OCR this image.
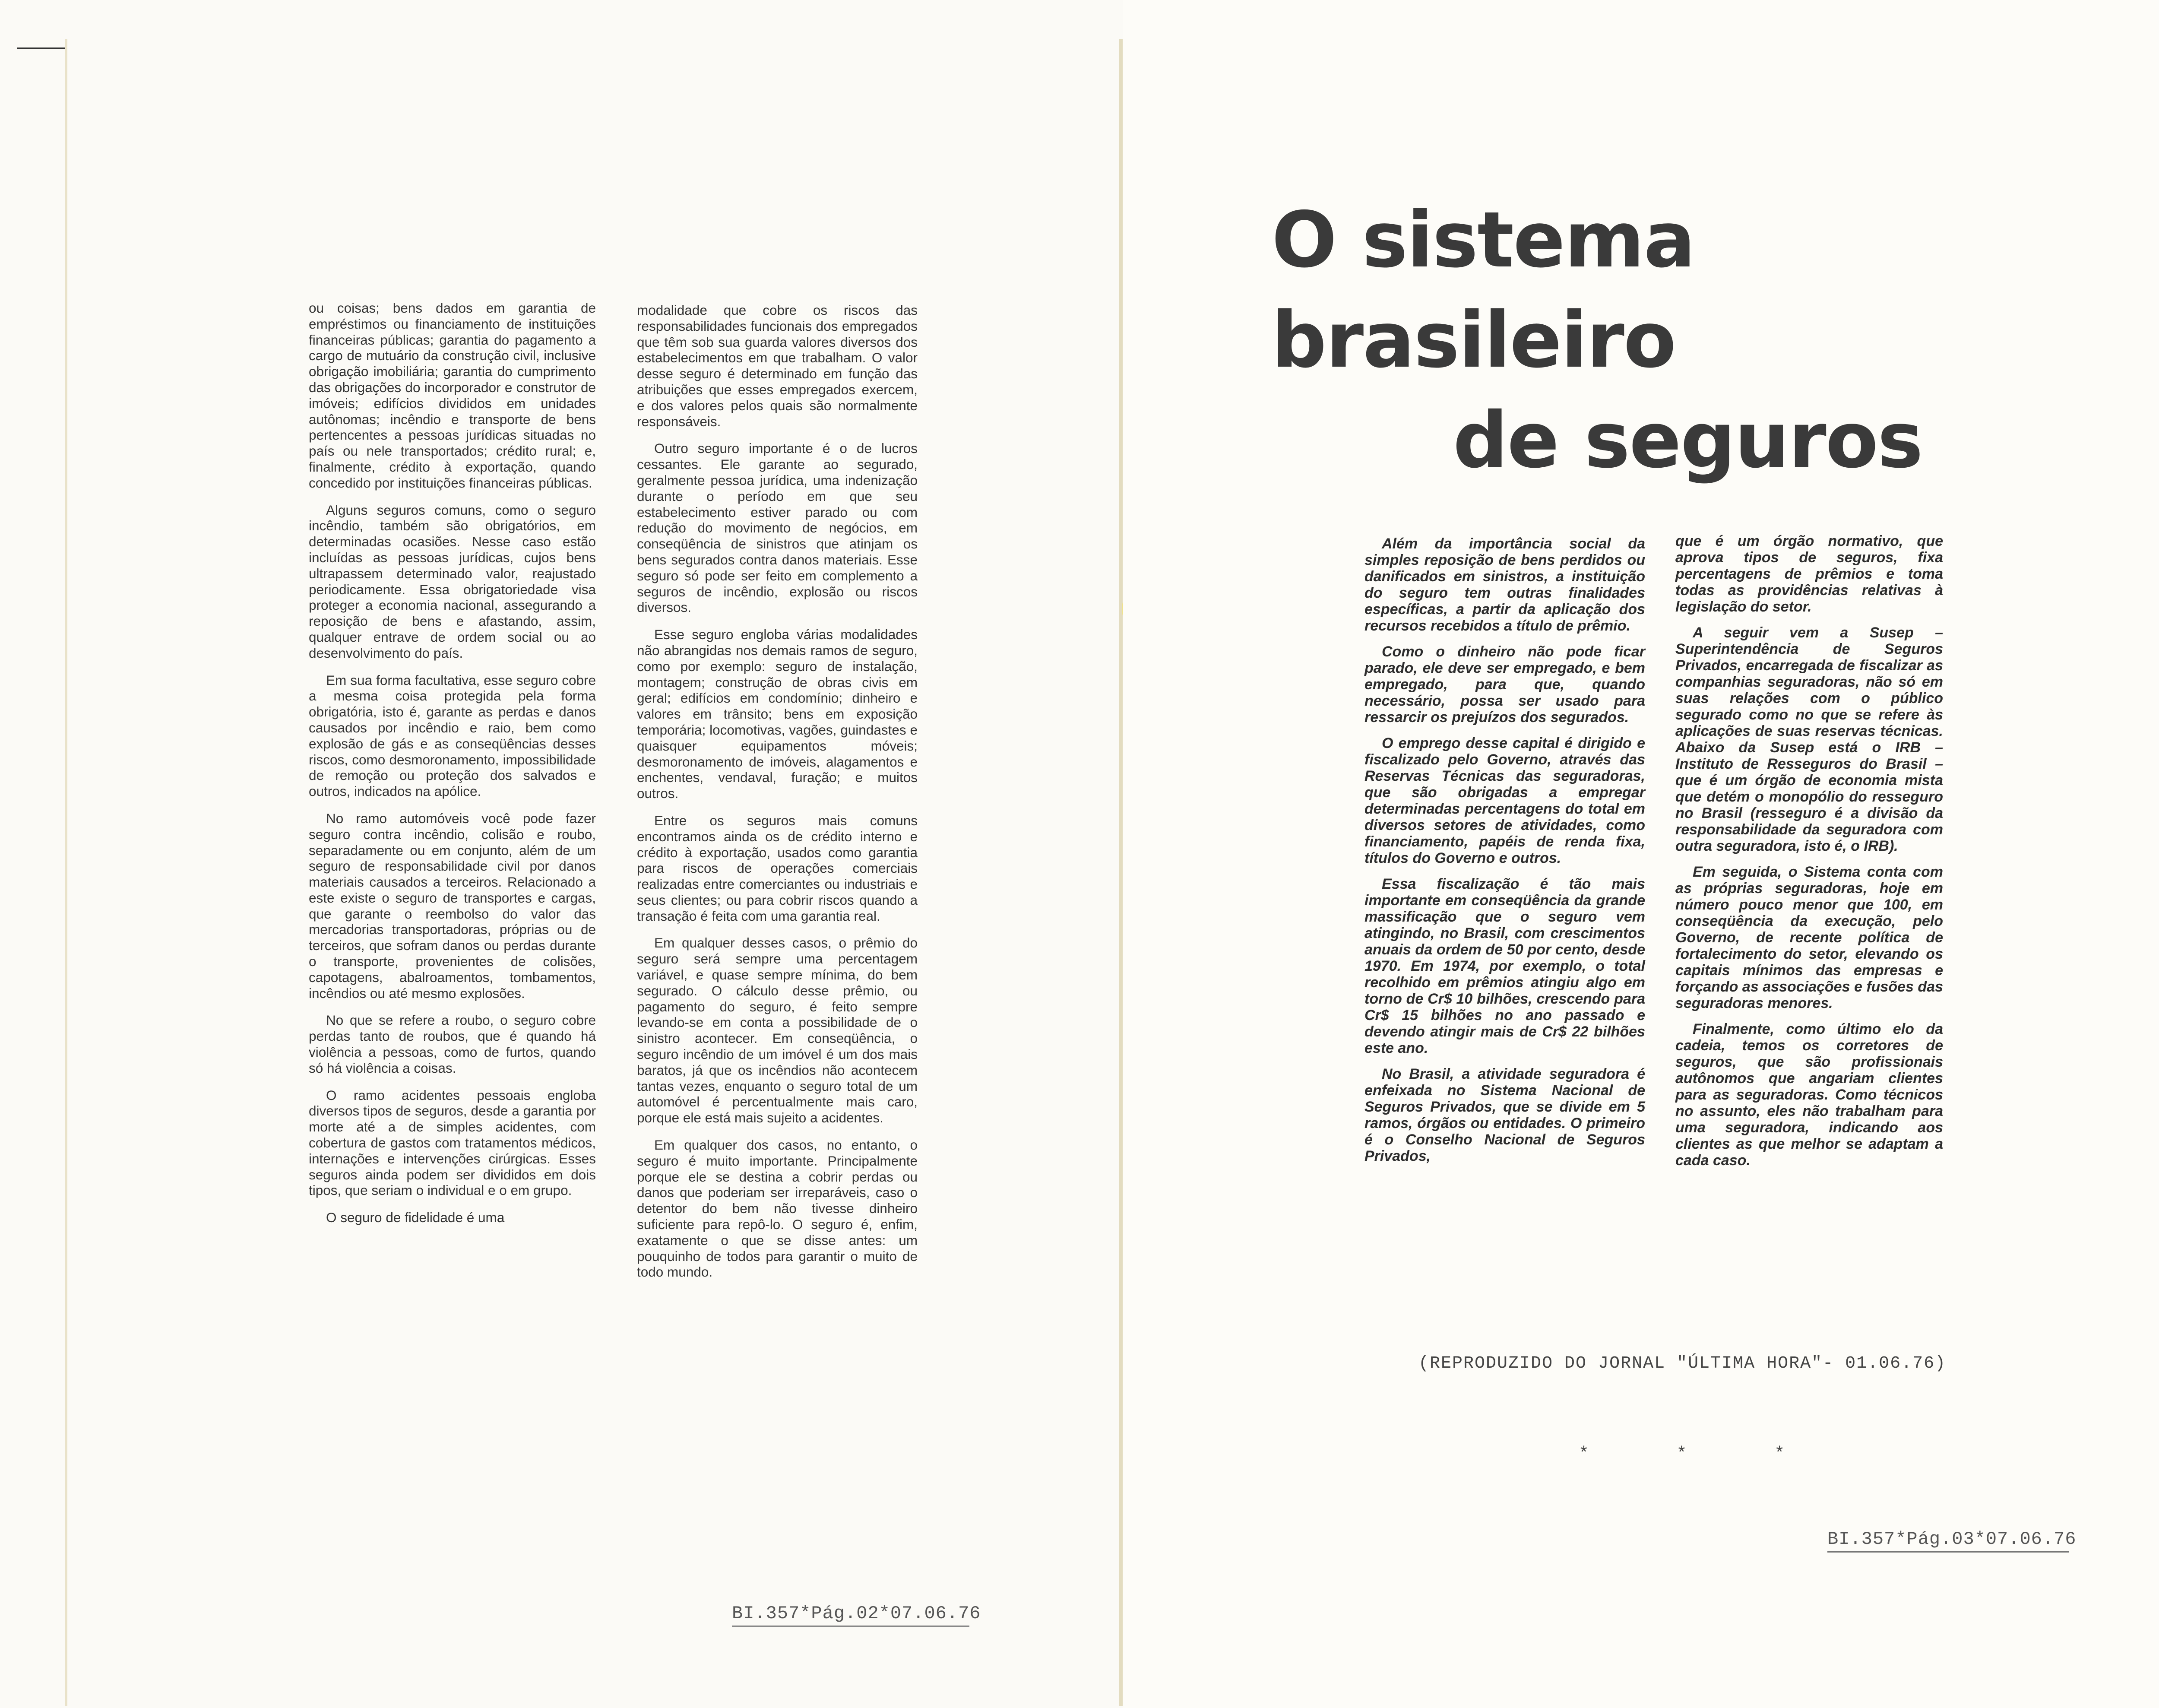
ou coisas; bens dados em garantia de empréstimos ou financiamento de instituições financeiras públicas; garantia do pagamento a cargo de mutuário da construção civil, inclusive obrigação imobiliária; garantia do cumprimento das obrigações do incorporador e construtor de imóveis; edifícios divididos em unidades autônomas; incêndio e transporte de bens pertencentes a pessoas jurídicas situadas no país ou nele transportados; crédito rural; e, finalmente, crédito à exportação, quando concedido por instituições financeiras públicas.

Alguns seguros comuns, como o seguro incêndio, também são obrigatórios, em determinadas ocasiões. Nesse caso estão incluídas as pessoas jurídicas, cujos bens ultrapassem determinado valor, reajustado periodicamente. Essa obrigatoriedade visa proteger a economia nacional, assegurando a reposição de bens e afastando, assim, qualquer entrave de ordem social ou ao desenvolvimento do país.

Em sua forma facultativa, esse seguro cobre a mesma coisa protegida pela forma obrigatória, isto é, garante as perdas e danos causados por incêndio e raio, bem como explosão de gás e as conseqüências desses riscos, como desmoronamento, impossibilidade de remoção ou proteção dos salvados e outros, indicados na apólice.

No ramo automóveis você pode fazer seguro contra incêndio, colisão e roubo, separadamente ou em conjunto, além de um seguro de responsabilidade civil por danos materiais causados a terceiros. Relacionado a este existe o seguro de transportes e cargas, que garante o reembolso do valor das mercadorias transportadoras, próprias ou de terceiros, que sofram danos ou perdas durante o transporte, provenientes de colisões, capotagens, abalroamentos, tombamentos, incêndios ou até mesmo explosões.

No que se refere a roubo, o seguro cobre perdas tanto de roubos, que é quando há violência a pessoas, como de furtos, quando só há violência a coisas.

O ramo acidentes pessoais engloba diversos tipos de seguros, desde a garantia por morte até a de simples acidentes, com cobertura de gastos com tratamentos médicos, internações e intervenções cirúrgicas. Esses seguros ainda podem ser divididos em dois tipos, que seriam o individual e o em grupo.

O seguro de fidelidade é uma

modalidade que cobre os riscos das responsabilidades funcionais dos empregados que têm sob sua guarda valores diversos dos estabelecimentos em que trabalham. O valor desse seguro é determinado em função das atribuições que esses empregados exercem, e dos valores pelos quais são normalmente responsáveis.

Outro seguro importante é o de lucros cessantes. Ele garante ao segurado, geralmente pessoa jurídica, uma indenização durante o período em que seu estabelecimento estiver parado ou com redução do movimento de negócios, em conseqüência de sinistros que atinjam os bens segurados contra danos materiais. Esse seguro só pode ser feito em complemento a seguros de incêndio, explosão ou riscos diversos.

Esse seguro engloba várias modalidades não abrangidas nos demais ramos de seguro, como por exemplo: seguro de instalação, montagem; construção de obras civis em geral; edifícios em condomínio; dinheiro e valores em trânsito; bens em exposição temporária; locomotivas, vagões, guindastes e quaisquer equipamentos móveis; desmoronamento de imóveis, alagamentos e enchentes, vendaval, furação; e muitos outros.

Entre os seguros mais comuns encontramos ainda os de crédito interno e crédito à exportação, usados como garantia para riscos de operações comerciais realizadas entre comerciantes ou industriais e seus clientes; ou para cobrir riscos quando a transação é feita com uma garantia real.

Em qualquer desses casos, o prêmio do seguro será sempre uma percentagem variável, e quase sempre mínima, do bem segurado. O cálculo desse prêmio, ou pagamento do seguro, é feito sempre levando-se em conta a possibilidade de o sinistro acontecer. Em conseqüência, o seguro incêndio de um imóvel é um dos mais baratos, já que os incêndios não acontecem tantas vezes, enquanto o seguro total de um automóvel é percentualmente mais caro, porque ele está mais sujeito a acidentes.

Em qualquer dos casos, no entanto, o seguro é muito importante. Principalmente porque ele se destina a cobrir perdas ou danos que poderiam ser irreparáveis, caso o detentor do bem não tivesse dinheiro suficiente para repô-lo. O seguro é, enfim, exatamente o que se disse antes: um pouquinho de todos para garantir o muito de todo mundo.

BI.357*Pág.02*07.06.76
O sistema brasileiro
de seguros

Além da importância social da simples reposição de bens perdidos ou danificados em sinistros, a instituição do seguro tem outras finalidades específicas, a partir da aplicação dos recursos recebidos a título de prêmio.

Como o dinheiro não pode ficar parado, ele deve ser empregado, e bem empregado, para que, quando necessário, possa ser usado para ressarcir os prejuízos dos segurados.

O emprego desse capital é dirigido e fiscalizado pelo Governo, através das Reservas Técnicas das seguradoras, que são obrigadas a empregar determinadas percentagens do total em diversos setores de atividades, como financiamento, papéis de renda fixa, títulos do Governo e outros.

Essa fiscalização é tão mais importante em conseqüência da grande massificação que o seguro vem atingindo, no Brasil, com crescimentos anuais da ordem de 50 por cento, desde 1970. Em 1974, por exemplo, o total recolhido em prêmios atingiu algo em torno de Cr$ 10 bilhões, crescendo para Cr$ 15 bilhões no ano passado e devendo atingir mais de Cr$ 22 bilhões este ano.

No Brasil, a atividade seguradora é enfeixada no Sistema Nacional de Seguros Privados, que se divide em 5 ramos, órgãos ou entidades. O primeiro é o Conselho Nacional de Seguros Privados,

que é um órgão normativo, que aprova tipos de seguros, fixa percentagens de prêmios e toma todas as providências relativas à legislação do setor.

A seguir vem a Susep – Superintendência de Seguros Privados, encarregada de fiscalizar as companhias seguradoras, não só em suas relações com o público segurado como no que se refere às aplicações de suas reservas técnicas. Abaixo da Susep está o IRB – Instituto de Resseguros do Brasil – que é um órgão de economia mista que detém o monopólio do resseguro no Brasil (resseguro é a divisão da responsabilidade da seguradora com outra seguradora, isto é, o IRB).

Em seguida, o Sistema conta com as próprias seguradoras, hoje em número pouco menor que 100, em conseqüência da execução, pelo Governo, de recente política de fortalecimento do setor, elevando os capitais mínimos das empresas e forçando as associações e fusões das seguradoras menores.

Finalmente, como último elo da cadeia, temos os corretores de seguros, que são profissionais autônomos que angariam clientes para as seguradoras. Como técnicos no assunto, eles não trabalham para uma seguradora, indicando aos clientes as que melhor se adaptam a cada caso.

(REPRODUZIDO DO JORNAL "ÚLTIMA HORA"- 01.06.76)
* * *
BI.357*Pág.03*07.06.76
